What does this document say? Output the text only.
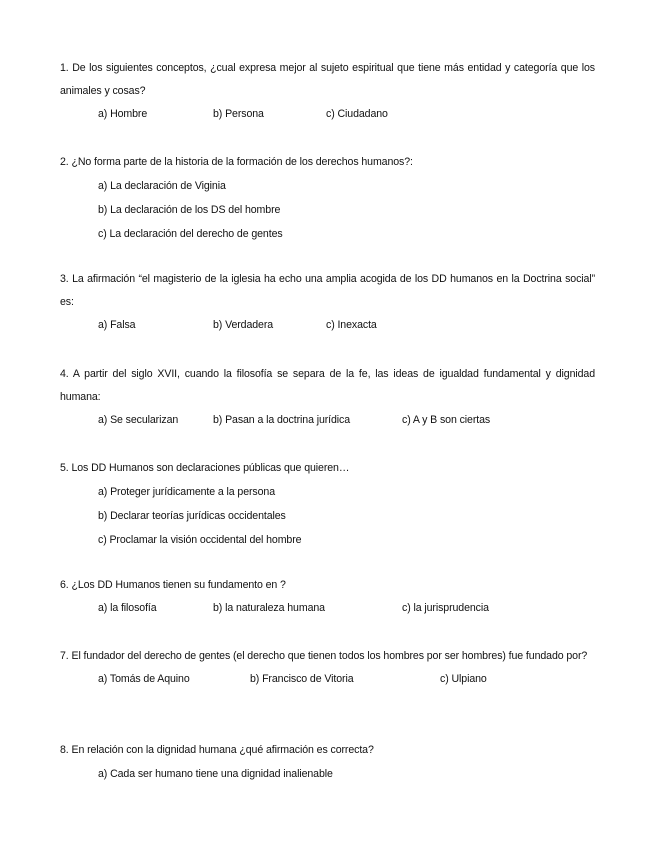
1. De los siguientes conceptos, ¿cual expresa mejor al sujeto espiritual que tiene más entidad y categoría que los animales y cosas?
a) Hombre	b) Persona	c) Ciudadano
2. ¿No forma parte de la historia de la formación de los derechos humanos?:
a) La declaración de Viginia
b) La declaración de los DS del hombre
c) La declaración del derecho de gentes
3. La afirmación “el magisterio de la iglesia ha echo una amplia acogida de los DD humanos en la Doctrina social” es:
a) Falsa	b) Verdadera	c) Inexacta
4. A partir del siglo XVII, cuando la filosofía se separa de la fe, las ideas de igualdad fundamental y dignidad humana:
a) Se secularizan	b) Pasan a la doctrina jurídica	c) A y B son ciertas
5. Los DD Humanos son declaraciones públicas que quieren…
a) Proteger jurídicamente a la persona
b) Declarar teorías jurídicas occidentales
c) Proclamar la visión occidental del hombre
6. ¿Los DD Humanos tienen su fundamento en ?
a) la filosofía	b) la naturaleza humana	c) la jurisprudencia
7. El fundador del derecho de gentes (el derecho que tienen todos los hombres por ser hombres) fue fundado por?
a) Tomás de Aquino	b) Francisco de Vitoria	c) Ulpiano
8. En relación con la dignidad humana ¿qué afirmación es correcta?
a) Cada ser humano tiene una dignidad inalienable
